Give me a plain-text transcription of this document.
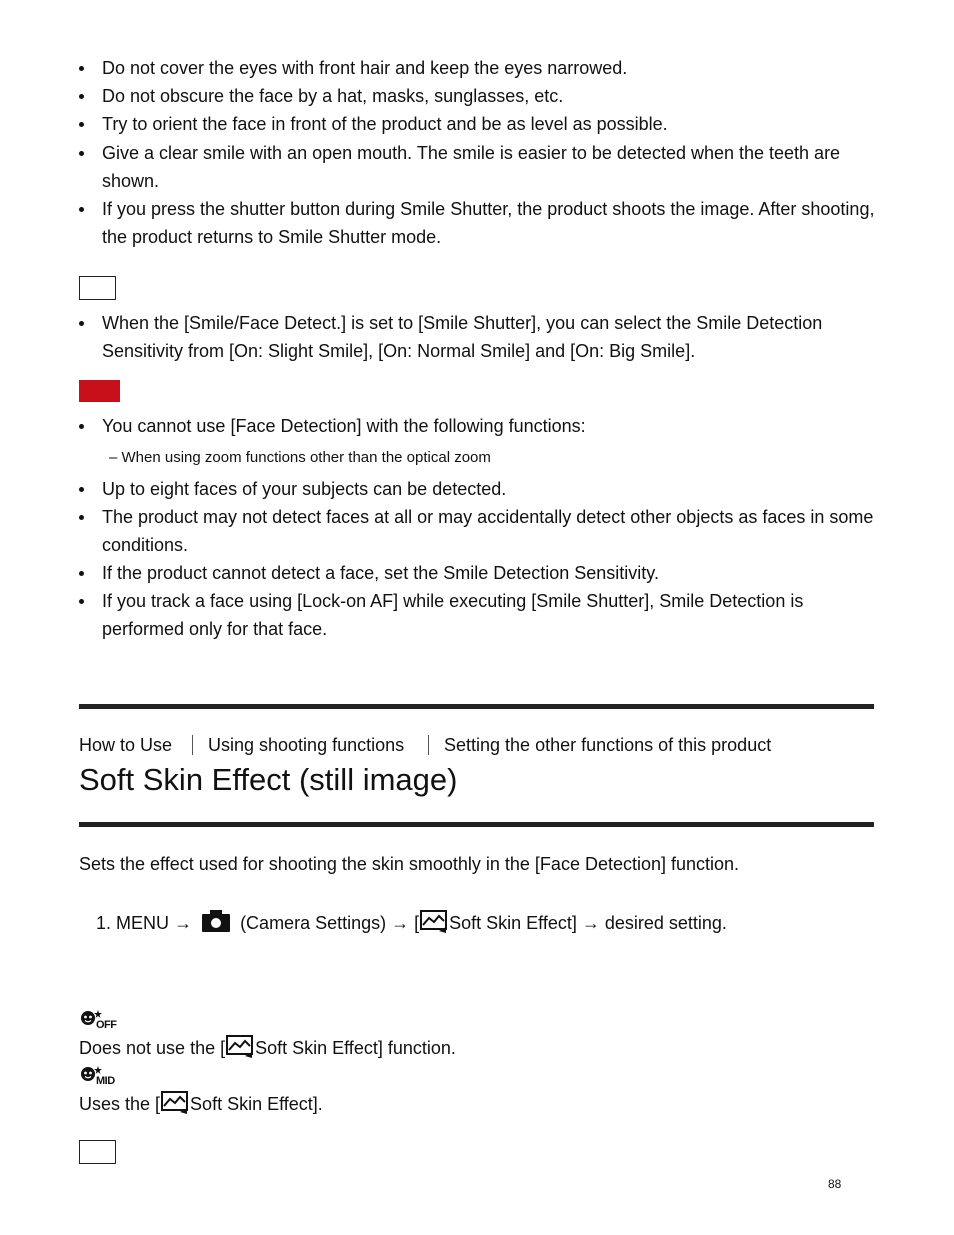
Do not cover the eyes with front hair and keep the eyes narrowed.
Do not obscure the face by a hat, masks, sunglasses, etc.
Try to orient the face in front of the product and be as level as possible.
Give a clear smile with an open mouth. The smile is easier to be detected when the teeth are shown.
If you press the shutter button during Smile Shutter, the product shoots the image. After shooting, the product returns to Smile Shutter mode.
When the [Smile/Face Detect.] is set to [Smile Shutter], you can select the Smile Detection Sensitivity from [On: Slight Smile], [On: Normal Smile] and [On: Big Smile].
You cannot use [Face Detection] with the following functions:
– When using zoom functions other than the optical zoom
Up to eight faces of your subjects can be detected.
The product may not detect faces at all or may accidentally detect other objects as faces in some conditions.
If the product cannot detect a face, set the Smile Detection Sensitivity.
If you track a face using [Lock-on AF] while executing [Smile Shutter], Smile Detection is performed only for that face.
How to Use Using shooting functions Setting the other functions of this product
Soft Skin Effect (still image)
Sets the effect used for shooting the skin smoothly in the [Face Detection] function.
1. MENU →	(Camera Settings) → [ Soft Skin Effect] → desired setting.
OFF
Does not use the [ Soft Skin Effect] function.
MID
Uses the [ Soft Skin Effect].
88
